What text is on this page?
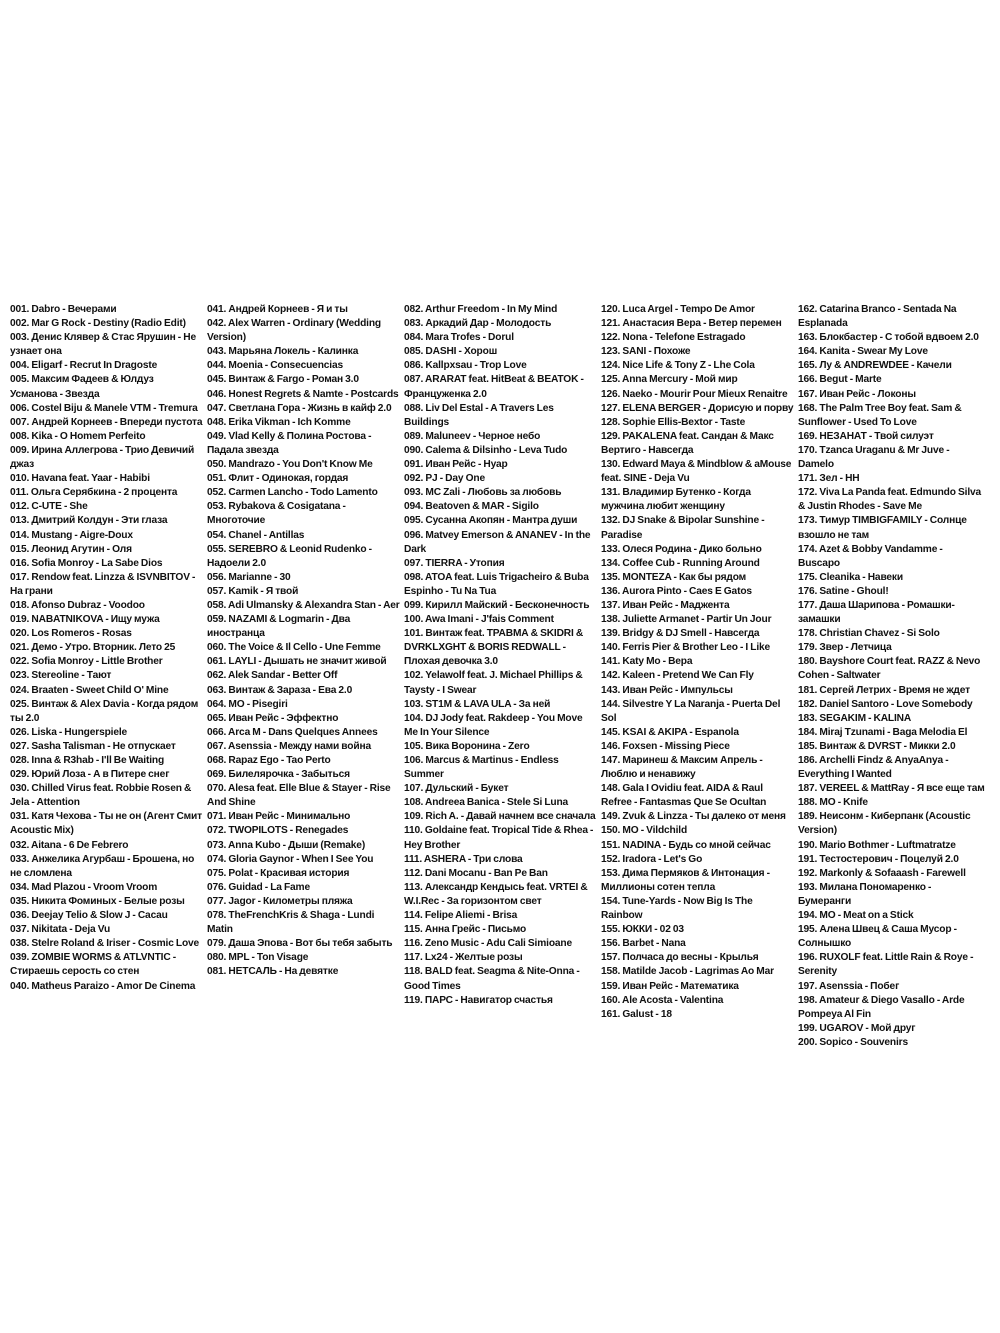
001. Dabro - Вечерами
002. Mar G Rock - Destiny (Radio Edit)
003. Денис Клявер & Стас Ярушин - Не узнает она
004. Eligarf - Recrut In Dragoste
005. Максим Фадеев & Юлдуз Усманова - Звезда
006. Costel Biju & Manele VTM - Tremura
007. Андрей Корнеев - Впереди пустота
008. Kika - O Homem Perfeito
009. Ирина Аллегрова - Трио Девичий джаз
010. Havana feat. Yaar - Habibi
011. Ольга Серябкина - 2 процента
012. C-UTE - She
013. Дмитрий Колдун - Эти глаза
014. Mustang - Aigre-Doux
015. Леонид Агутин - Оля
016. Sofia Monroy - La Sabe Dios
017. Rendow feat. Linzza & ISVNBITOV - На грани
018. Afonso Dubraz - Voodoo
019. NABATNIKOVA - Ищу мужа
020. Los Romeros - Rosas
021. Демо - Утро. Вторник. Лето 25
022. Sofia Monroy - Little Brother
023. Stereoline - Тают
024. Braaten - Sweet Child O' Mine
025. Винтаж & Alex Davia - Когда рядом ты 2.0
026. Liska - Hungerspiele
027. Sasha Talisman - Не отпускает
028. Inna & R3hab - I'll Be Waiting
029. Юрий Лоза - А в Питере снег
030. Chilled Virus feat. Robbie Rosen & Jela - Attention
031. Катя Чехова - Ты не он (Агент Смит Acoustic Mix)
032. Aitana - 6 De Febrero
033. Анжелика Агурбаш - Брошена, но не сломлена
034. Mad Plazou - Vroom Vroom
035. Никита Фоминых - Белые розы
036. Deejay Telio & Slow J - Cacau
037. Nikitata - Deja Vu
038. Stelre Roland & Iriser - Cosmic Love
039. ZOMBIE WORMS & ATLVNTIC - Стираешь серость со стен
040. Matheus Paraizo - Amor De Cinema
041. Андрей Корнеев - Я и ты
042. Alex Warren - Ordinary (Wedding Version)
043. Марьяна Локель - Калинка
044. Moenia - Consecuencias
045. Винтаж & Fargo - Роман 3.0
046. Honest Regrets & Namte - Postcards
047. Светлана Гора - Жизнь в кайф 2.0
048. Erika Vikman - Ich Komme
049. Vlad Kelly & Полина Ростова - Падала звезда
050. Mandrazo - You Don't Know Me
051. Флит - Одинокая, гордая
052. Carmen Lancho - Todo Lamento
053. Rybakova & Cosigatana - Многоточие
054. Chanel - Antillas
055. SEREBRO & Leonid Rudenko - Надоели 2.0
056. Marianne - 30
057. Kamik - Я твой
058. Adi Ulmansky & Alexandra Stan - Aer
059. NAZAMI & Logmarin - Два иностранца
060. The Voice & Il Cello - Une Femme
061. LAYLI - Дышать не значит живой
062. Alek Sandar - Better Off
063. Винтаж & Зараза - Ева 2.0
064. MO - Pisegiri
065. Иван Рейс - Эффектно
066. Arca M - Dans Quelques Annees
067. Asenssia - Между нами война
068. Rapaz Ego - Tao Perto
069. Билелярочка - Забыться
070. Alesa feat. Elle Blue & Stayer - Rise And Shine
071. Иван Рейс - Минимально
072. TWOPILOTS - Renegades
073. Anna Kubo - Дыши (Remake)
074. Gloria Gaynor - When I See You
075. Polat - Красивая история
076. Guidad - La Fame
077. Jagor - Километры пляжа
078. TheFrenchKris & Shaga - Lundi Matin
079. Даша Эпова - Вот бы тебя забыть
080. MPL - Ton Visage
081. НЕТСАЛЬ - На девятке
082. Arthur Freedom - In My Mind
083. Аркадий Дар - Молодость
084. Mara Trofes - Dorul
085. DASHI - Хорош
086. Kallpxsau - Trop Love
087. ARARAT feat. HitBeat & BEATOK - Француженка 2.0
088. Liv Del Estal - A Travers Les Buildings
089. Maluneev - Черное небо
090. Calema & Dilsinho - Leva Tudo
091. Иван Рейс - Нуар
092. PJ - Day One
093. MC Zali - Любовь за любовь
094. Beatoven & MAR - Sigilo
095. Сусанна Акопян - Мантра души
096. Matvey Emerson & ANANEV - In the Dark
097. TIERRA - Утопия
098. ATOA feat. Luis Trigacheiro & Buba Espinho - Tu Na Tua
099. Кирилл Майский - Бесконечность
100. Awa Imani - J'fais Comment
101. Винтаж feat. ТРАВМА & SKIDRI & DVRKLXGHT & BORIS REDWALL - Плохая девочка 3.0
102. Yelawolf feat. J. Michael Phillips & Taysty - I Swear
103. ST1M & LAVA ULA - За ней
104. DJ Jody feat. Rakdeep - You Move Me In Your Silence
105. Вика Воронина - Zero
106. Marcus & Martinus - Endless Summer
107. Дульский - Букет
108. Andreea Banica - Stele Si Luna
109. Rich A. - Давай начнем все сначала
110. Goldaine feat. Tropical Tide & Rhea - Hey Brother
111. ASHERA - Три слова
112. Dani Mocanu - Ban Pe Ban
113. Александр Кендысь feat. VRTEI & W.I.Rec - За горизонтом свет
114. Felipe Aliemi - Brisa
115. Анна Грейс - Письмо
116. Zeno Music - Adu Cali Simioane
117. Lx24 - Желтые розы
118. BALD feat. Seagma & Nite-Onna - Good Times
119. ПАРС - Навигатор счастья
120. Luca Argel - Tempo De Amor
121. Анастасия Вера - Ветер перемен
122. Nona - Telefone Estragado
123. SANI - Похоже
124. Nice Life & Tony Z - Lhe Cola
125. Anna Mercury - Мой мир
126. Naeko - Mourir Pour Mieux Renaitre
127. ELENA BERGER - Дорисую и порву
128. Sophie Ellis-Bextor - Taste
129. PAKALENA feat. Сандан & Макс Вертиго - Навсегда
130. Edward Maya & Mindblow & aMouse feat. SINE - Deja Vu
131. Владимир Бутенко - Когда мужчина любит женщину
132. DJ Snake & Bipolar Sunshine - Paradise
133. Олеся Родина - Дико больно
134. Coffee Cub - Running Around
135. MONTEZA - Как бы рядом
136. Aurora Pinto - Caes E Gatos
137. Иван Рейс - Маджента
138. Juliette Armanet - Partir Un Jour
139. Bridgy & DJ Smell - Навсегда
140. Ferris Pier & Brother Leo - I Like
141. Katy Mo - Вера
142. Kaleen - Pretend We Can Fly
143. Иван Рейс - Импульсы
144. Silvestre Y La Naranja - Puerta Del Sol
145. KSAI & AKIPA - Espanola
146. Foxsen - Missing Piece
147. Маринеш & Максим Апрель - Люблю и ненавижу
148. Gala I Ovidiu feat. AIDA & Raul Refree - Fantasmas Que Se Ocultan
149. Zvuk & Linzza - Ты далеко от меня
150. MO - Vildchild
151. NADINA - Будь со мной сейчас
152. Iradora - Let's Go
153. Дима Пермяков & Интонация - Миллионы сотен тепла
154. Tune-Yards - Now Big Is The Rainbow
155. ЮККИ - 02 03
156. Barbet - Nana
157. Полчаса до весны - Крылья
158. Matilde Jacob - Lagrimas Ao Mar
159. Иван Рейс - Математика
160. Ale Acosta - Valentina
161. Galust - 18
162. Catarina Branco - Sentada Na Esplanada
163. Блокбастер - С тобой вдвоем 2.0
164. Kanita - Swear My Love
165. Лу & ANDREWDEE - Качели
166. Begut - Marte
167. Иван Рейс - Локоны
168. The Palm Tree Boy feat. Sam & Sunflower - Used To Love
169. НЕЗАНАТ - Твой силуэт
170. Tzanca Uraganu & Mr Juve - Damelo
171. Зел - НН
172. Viva La Panda feat. Edmundo Silva & Justin Rhodes - Save Me
173. Тимур TIMBIGFAMILY - Солнце взошло не там
174. Azet & Bobby Vandamme - Buscapo
175. Cleanika - Навеки
176. Satine - Ghoul!
177. Даша Шарипова - Ромашки-замашки
178. Christian Chavez - Si Solo
179. Звер - Летчица
180. Bayshore Court feat. RAZZ & Nevo Cohen - Saltwater
181. Сергей Летрих - Время не ждет
182. Daniel Santoro - Love Somebody
183. SEGAKIM - KALINA
184. Miraj Tzunami - Baga Melodia El
185. Винтаж & DVRST - Микки 2.0
186. Archelli Findz & AnyaAnya - Everything I Wanted
187. VEREEL & MattRay - Я все еще там
188. MO - Knife
189. Неисонм - Киберпанк (Acoustic Version)
190. Mario Bothmer - Luftmatratze
191. Тестостерович - Поцелуй 2.0
192. Markonly & Sofaaash - Farewell
193. Милана Пономаренко - Бумеранги
194. MO - Meat on a Stick
195. Алена Швец & Саша Мусор - Солнышко
196. RUXOLF feat. Little Rain & Roye - Serenity
197. Asenssia - Побег
198. Amateur & Diego Vasallo - Arde Pompeya Al Fin
199. UGAROV - Мой друг
200. Sopico - Souvenirs
